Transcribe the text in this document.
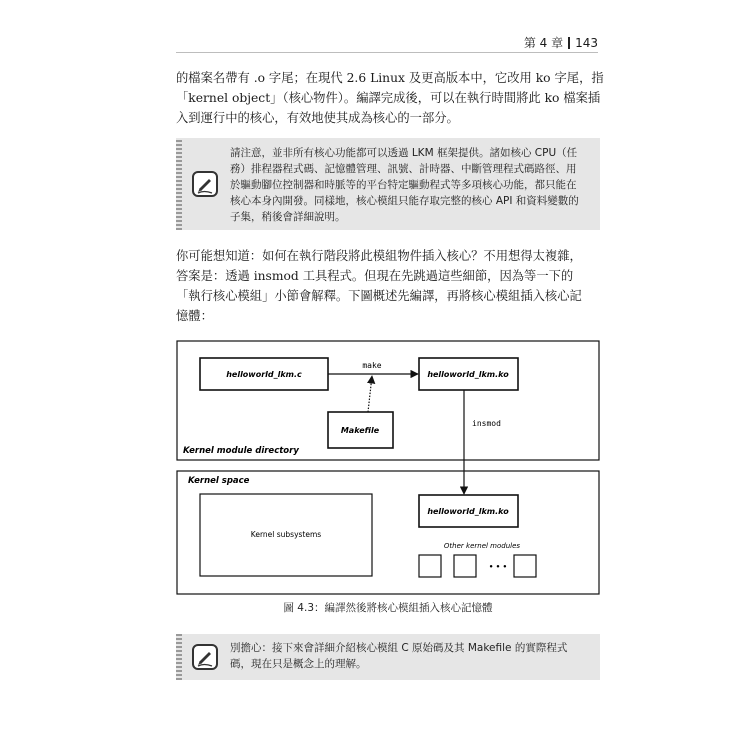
第 4 章 143
的檔案名帶有 .o 字尾；在現代 2.6 Linux 及更高版本中，它改用 ko 字尾，指
「kernel object」（核心物件）。編譯完成後，可以在執行時間將此 ko 檔案插
入到運行中的核心，有效地使其成為核心的一部分。
請注意，並非所有核心功能都可以透過 LKM 框架提供。諸如核心 CPU（任
務）排程器程式碼、記憶體管理、訊號、計時器、中斷管理程式碼路徑、用
於驅動腳位控制器和時脈等的平台特定驅動程式等多項核心功能，都只能在
核心本身內開發。同樣地，核心模組只能存取完整的核心 API 和資料變數的
子集，稍後會詳細說明。
你可能想知道：如何在執行階段將此模組物件插入核心？不用想得太複雜，
答案是：透過 insmod 工具程式。但現在先跳過這些細節，因為等一下的
「執行核心模組」小節會解釋。下圖概述先編譯，再將核心模組插入核心記
憶體：
Kernel module directory
helloworld_lkm.c	helloworld_lkm.ko
make
Makefile
Kernel space
Kernel subsystems
helloworld_lkm.ko
insmod
Other kernel modules
• • •
圖 4.3：編譯然後將核心模組插入核心記憶體
別擔心：接下來會詳細介紹核心模組 C 原始碼及其 Makefile 的實際程式
碼，現在只是概念上的理解。
